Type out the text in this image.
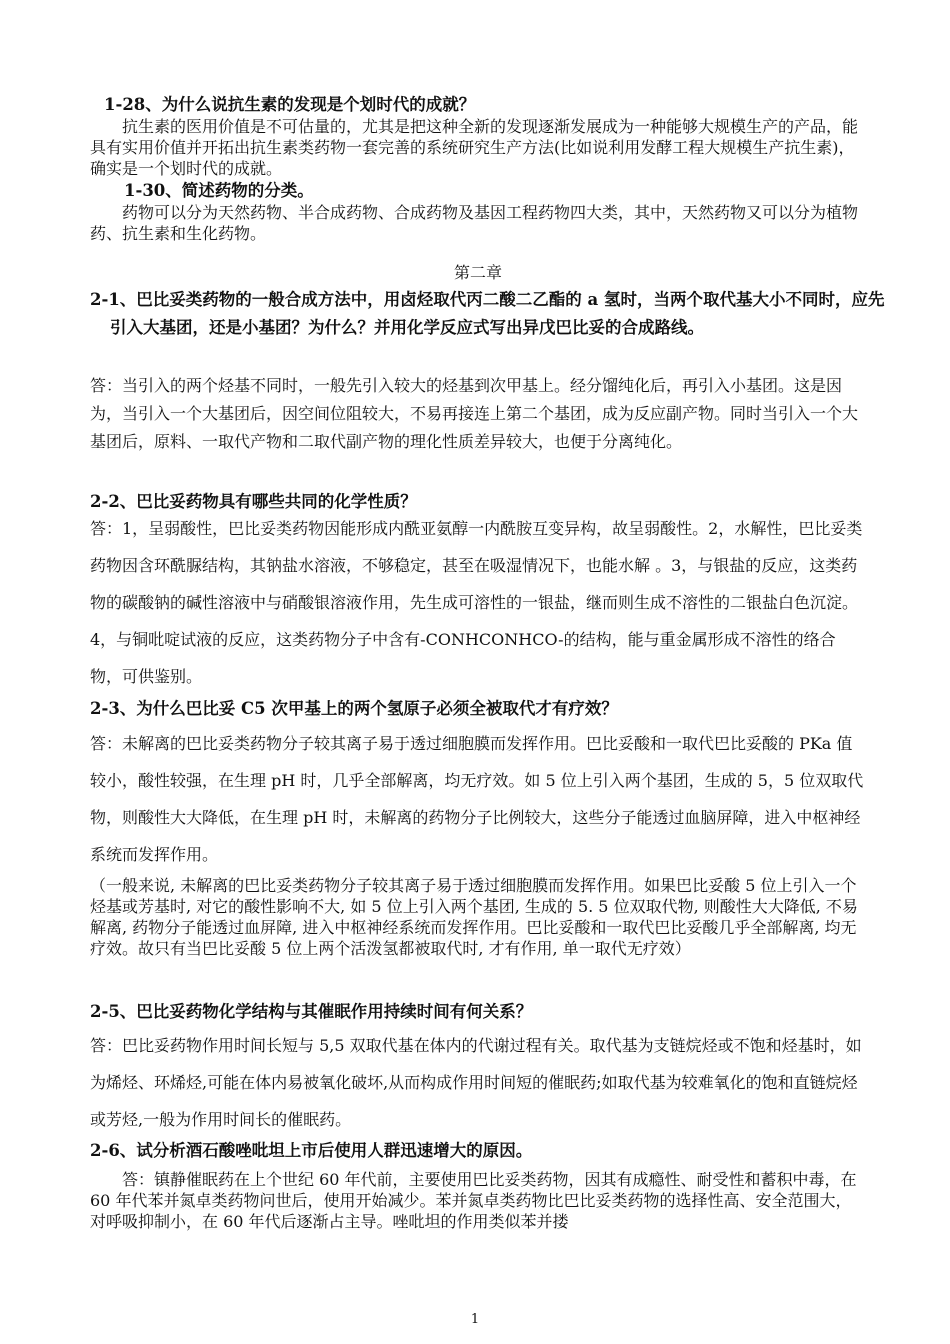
1-28、为什么说抗生素的发现是个划时代的成就？
抗生素的医用价值是不可估量的，尤其是把这种全新的发现逐渐发展成为一种能够大规模生产的产品，能具有实用价值并开拓出抗生素类药物一套完善的系统研究生产方法(比如说利用发酵工程大规模生产抗生素)，确实是一个划时代的成就。
1-30、简述药物的分类。
药物可以分为天然药物、半合成药物、合成药物及基因工程药物四大类，其中，天然药物又可以分为植物药、抗生素和生化药物。
第二章
2-1、巴比妥类药物的一般合成方法中，用卤烃取代丙二酸二乙酯的 a 氢时，当两个取代基大小不同时，应先引入大基团，还是小基团？为什么？并用化学反应式写出异戊巴比妥的合成路线。
答：当引入的两个烃基不同时，一般先引入较大的烃基到次甲基上。经分馏纯化后，再引入小基团。这是因为，当引入一个大基团后，因空间位阻较大，不易再接连上第二个基团，成为反应副产物。同时当引入一个大基团后，原料、一取代产物和二取代副产物的理化性质差异较大，也便于分离纯化。
2-2、巴比妥药物具有哪些共同的化学性质？
答：1，呈弱酸性，巴比妥类药物因能形成内酰亚氨醇一内酰胺互变异构，故呈弱酸性。2，水解性，巴比妥类药物因含环酰脲结构，其钠盐水溶液，不够稳定，甚至在吸湿情况下，也能水解 。3，与银盐的反应，这类药物的碳酸钠的碱性溶液中与硝酸银溶液作用，先生成可溶性的一银盐，继而则生成不溶性的二银盐白色沉淀。 4，与铜吡啶试液的反应，这类药物分子中含有-CONHCONHCO-的结构，能与重金属形成不溶性的络合物，可供鉴别。
2-3、为什么巴比妥 C5 次甲基上的两个氢原子必须全被取代才有疗效？
答：未解离的巴比妥类药物分子较其离子易于透过细胞膜而发挥作用。巴比妥酸和一取代巴比妥酸的 PKa 值较小，酸性较强，在生理 pH 时，几乎全部解离，均无疗效。如 5 位上引入两个基团，生成的 5，5 位双取代物，则酸性大大降低，在生理 pH 时，未解离的药物分子比例较大，这些分子能透过血脑屏障，进入中枢神经系统而发挥作用。
（一般来说, 未解离的巴比妥类药物分子较其离子易于透过细胞膜而发挥作用。如果巴比妥酸 5 位上引入一个烃基或芳基时, 对它的酸性影响不大, 如 5 位上引入两个基团, 生成的 5. 5 位双取代物, 则酸性大大降低, 不易解离, 药物分子能透过血屏障, 进入中枢神经系统而发挥作用。巴比妥酸和一取代巴比妥酸几乎全部解离, 均无疗效。故只有当巴比妥酸 5 位上两个活泼氢都被取代时, 才有作用, 单一取代无疗效）
2-5、巴比妥药物化学结构与其催眠作用持续时间有何关系？
答：巴比妥药物作用时间长短与 5,5 双取代基在体内的代谢过程有关。取代基为支链烷烃或不饱和烃基时，如为烯烃、环烯烃,可能在体内易被氧化破坏,从而构成作用时间短的催眠药;如取代基为较难氧化的饱和直链烷烃或芳烃,一般为作用时间长的催眠药。
2-6、试分析酒石酸唑吡坦上市后使用人群迅速增大的原因。
答：镇静催眠药在上个世纪 60 年代前，主要使用巴比妥类药物，因其有成瘾性、耐受性和蓄积中毒，在 60 年代苯并氮卓类药物问世后，使用开始减少。苯并氮卓类药物比巴比妥类药物的选择性高、安全范围大，对呼吸抑制小，在 60 年代后逐渐占主导。唑吡坦的作用类似苯并搂
1
